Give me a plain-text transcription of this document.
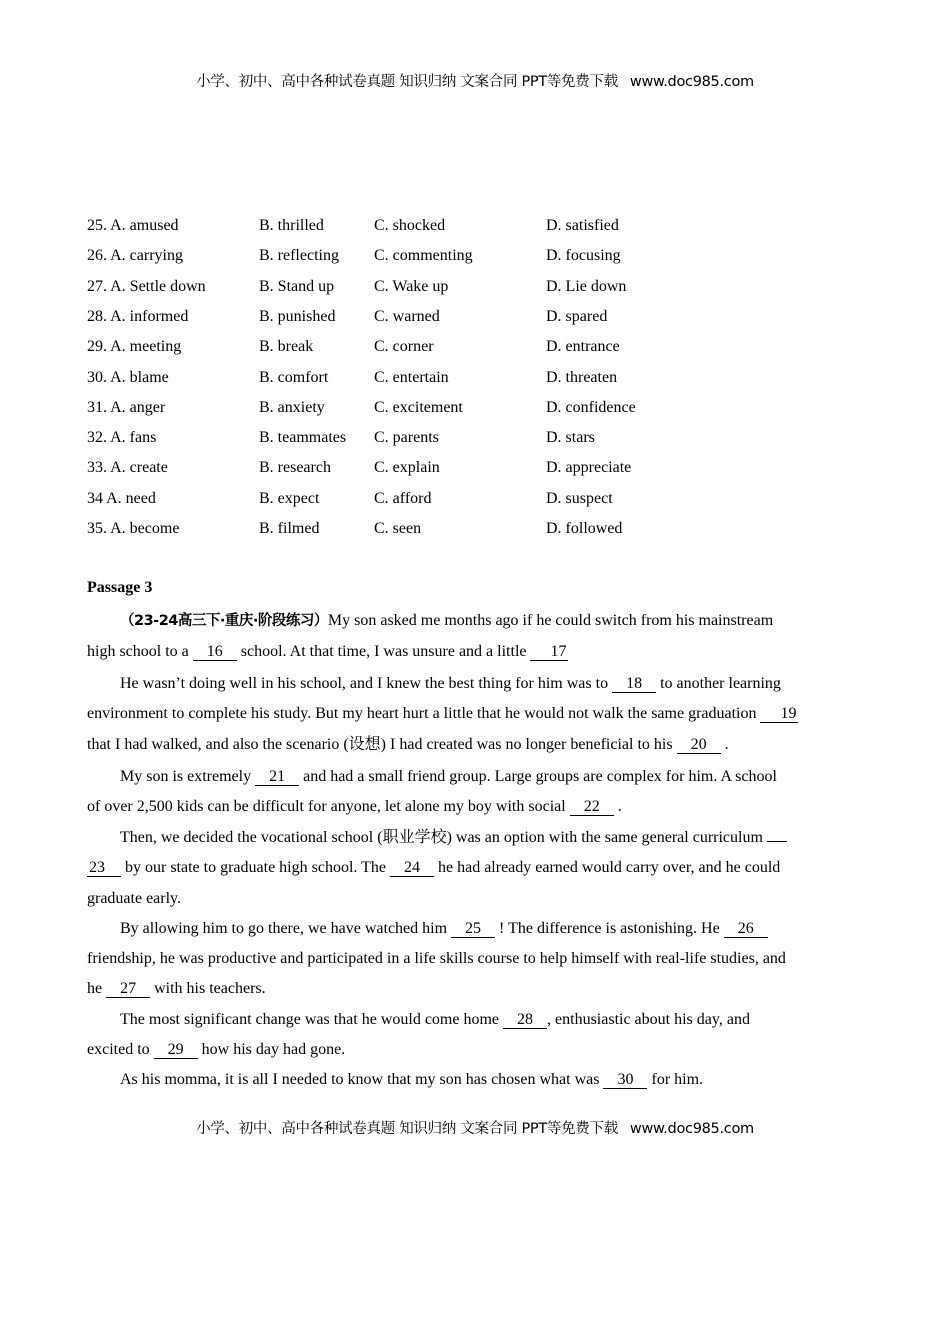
小学、初中、高中各种试卷真题 知识归纳 文案合同 PPT等免费下载 www.doc985.com
25. A. amused	B. thrilled	C. shocked	D. satisfied
26. A. carrying	B. reflecting C. commenting	D. focusing
27. A. Settle down	B. Stand up C. Wake up	D. Lie down
28. A. informed	B. punished C. warned	D. spared
29. A. meeting	B. break	C. corner	D. entrance
30. A. blame	B. comfort	C. entertain	D. threaten
31. A. anger	B. anxiety	C. excitement	D. confidence
32. A. fans	B. teammates C. parents	D. stars
33. A. create	B. research	C. explain	D. appreciate
34 A. need	B. expect	C. afford	D. suspect
35. A. become	B. filmed	C. seen	D. followed
Passage 3
（23-24高三下·重庆·阶段练习）My son asked me months ago if he could switch from his mainstream
high school to a 16 school. At that time, I was unsure and a little 17
He wasn’t doing well in his school, and I knew the best thing for him was to 18 to another learning
environment to complete his study. But my heart hurt a little that he would not walk the same graduation 19
that I had walked, and also the scenario (设想) I had created was no longer beneficial to his 20 .
My son is extremely 21 and had a small friend group. Large groups are complex for him. A school
of over 2,500 kids can be difficult for anyone, let alone my boy with social 22 .
Then, we decided the vocational school (职业学校) was an option with the same general curriculum
23 by our state to graduate high school. The 24 he had already earned would carry over, and he could
graduate early.
By allowing him to go there, we have watched him 25 ! The difference is astonishing. He 26
friendship, he was productive and participated in a life skills course to help himself with real-life studies, and
he 27 with his teachers.
The most significant change was that he would come home 28 , enthusiastic about his day, and
excited to 29 how his day had gone.
As his momma, it is all I needed to know that my son has chosen what was 30 for him.
小学、初中、高中各种试卷真题 知识归纳 文案合同 PPT等免费下载 www.doc985.com
